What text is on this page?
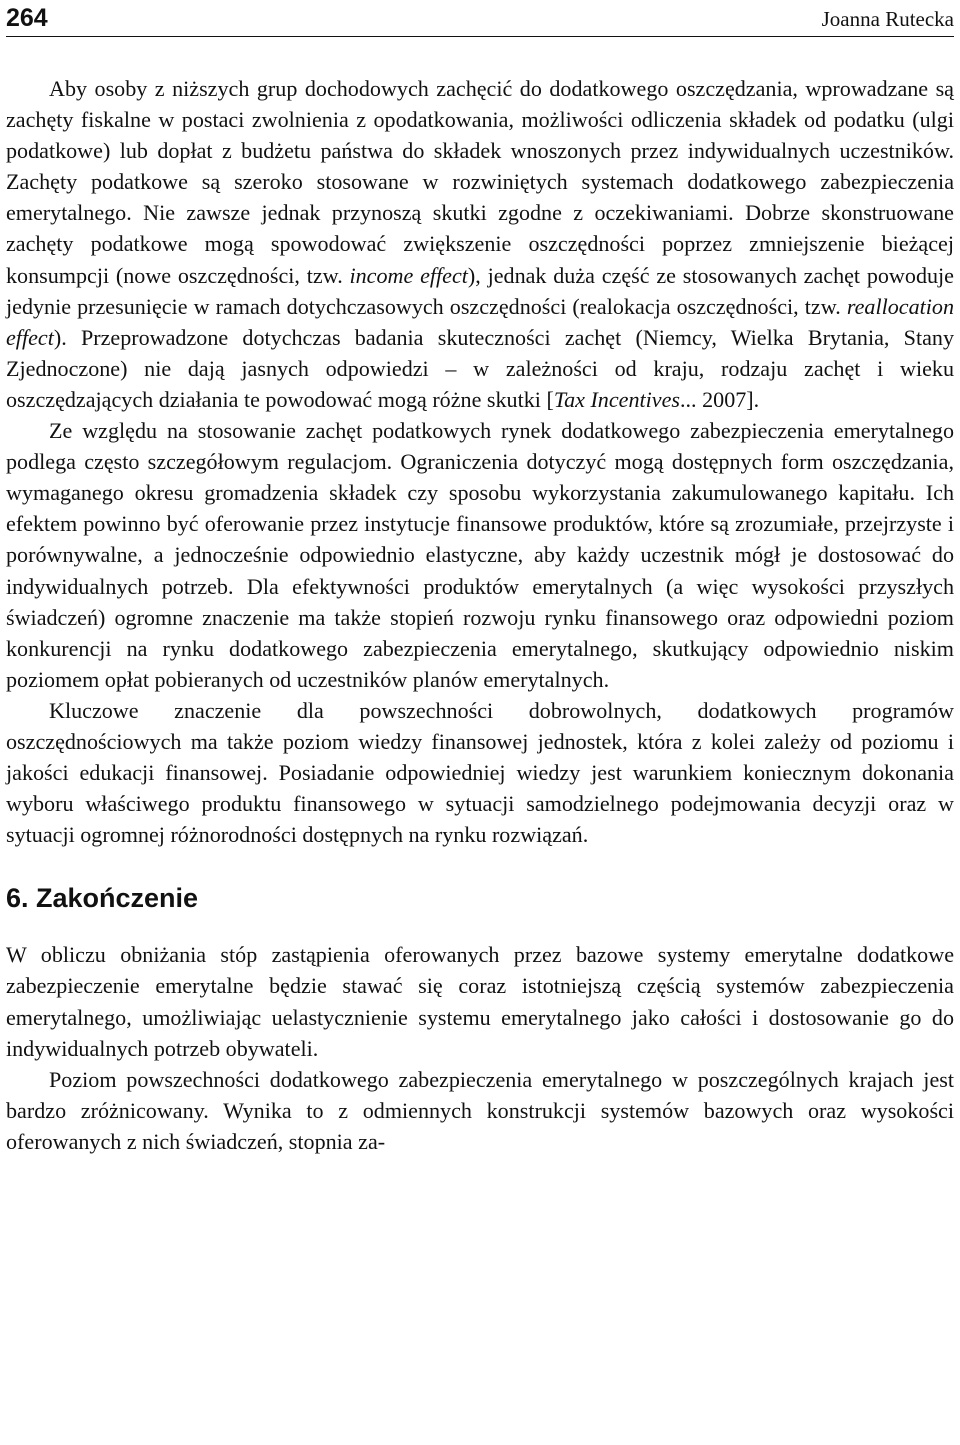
264	Joanna Rutecka

Aby osoby z niższych grup dochodowych zachęcić do dodatkowego oszczędzania, wprowadzane są zachęty fiskalne w postaci zwolnienia z opodatkowania, możliwości odliczenia składek od podatku (ulgi podatkowe) lub dopłat z budżetu państwa do składek wnoszonych przez indywidualnych uczestników. Zachęty podatkowe są szeroko stosowane w rozwiniętych systemach dodatkowego zabezpieczenia emerytalnego. Nie zawsze jednak przynoszą skutki zgodne z oczekiwaniami. Dobrze skonstruowane zachęty podatkowe mogą spowodować zwiększenie oszczędności poprzez zmniejszenie bieżącej konsumpcji (nowe oszczędności, tzw. income effect), jednak duża część ze stosowanych zachęt powoduje jedynie przesunięcie w ramach dotychczasowych oszczędności (realokacja oszczędności, tzw. reallocation effect). Przeprowadzone dotychczas badania skuteczności zachęt (Niemcy, Wielka Brytania, Stany Zjednoczone) nie dają jasnych odpowiedzi – w zależności od kraju, rodzaju zachęt i wieku oszczędzających działania te powodować mogą różne skutki [Tax Incentives... 2007].

Ze względu na stosowanie zachęt podatkowych rynek dodatkowego zabezpieczenia emerytalnego podlega często szczegółowym regulacjom. Ograniczenia dotyczyć mogą dostępnych form oszczędzania, wymaganego okresu gromadzenia składek czy sposobu wykorzystania zakumulowanego kapitału. Ich efektem powinno być oferowanie przez instytucje finansowe produktów, które są zrozumiałe, przejrzyste i porównywalne, a jednocześnie odpowiednio elastyczne, aby każdy uczestnik mógł je dostosować do indywidualnych potrzeb. Dla efektywności produktów emerytalnych (a więc wysokości przyszłych świadczeń) ogromne znaczenie ma także stopień rozwoju rynku finansowego oraz odpowiedni poziom konkurencji na rynku dodatkowego zabezpieczenia emerytalnego, skutkujący odpowiednio niskim poziomem opłat pobieranych od uczestników planów emerytalnych.

Kluczowe znaczenie dla powszechności dobrowolnych, dodatkowych programów oszczędnościowych ma także poziom wiedzy finansowej jednostek, która z kolei zależy od poziomu i jakości edukacji finansowej. Posiadanie odpowiedniej wiedzy jest warunkiem koniecznym dokonania wyboru właściwego produktu finansowego w sytuacji samodzielnego podejmowania decyzji oraz w sytuacji ogromnej różnorodności dostępnych na rynku rozwiązań.

6. Zakończenie

W obliczu obniżania stóp zastąpienia oferowanych przez bazowe systemy emerytalne dodatkowe zabezpieczenie emerytalne będzie stawać się coraz istotniejszą częścią systemów zabezpieczenia emerytalnego, umożliwiając uelastycznienie systemu emerytalnego jako całości i dostosowanie go do indywidualnych potrzeb obywateli.

Poziom powszechności dodatkowego zabezpieczenia emerytalnego w poszczególnych krajach jest bardzo zróżnicowany. Wynika to z odmiennych konstrukcji systemów bazowych oraz wysokości oferowanych z nich świadczeń, stopnia za-
